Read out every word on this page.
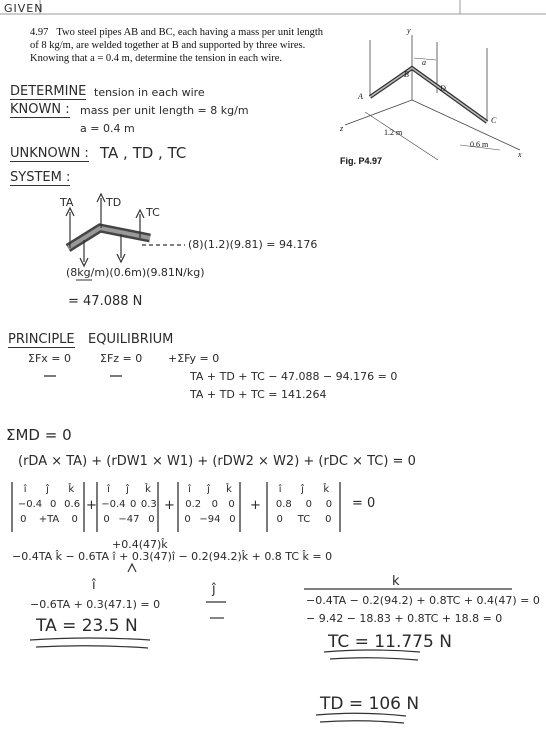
GIVEN
4.97 Two steel pipes AB and BC, each having a mass per unit length of 8 kg/m, are welded together at B and supported by three wires. Knowing that a = 0.4 m, determine the tension in each wire.
y
x
z
A
B
C
D
a
1.2 m
0.6 m
Fig. P4.97
DETERMINE tension in each wire
KNOWN : mass per unit length = 8 kg/m
a = 0.4 m
UNKNOWN : TA , TD , TC
SYSTEM :
TA	TD
TC
(8)(1.2)(9.81) = 94.176
(8kg/m)(0.6m)(9.81N/kg)
= 47.088 N
PRINCIPLE EQUILIBRIUM
ΣFx = 0	ΣFz = 0 +ΣFy = 0
TA + TD + TC − 47.088 − 94.176 = 0
TA + TD + TC = 141.264
ΣMD = 0
(rDA × TA) + (rDW1 × W1) + (rDW2 × W2) + (rDC × TC) = 0
î ĵ k̂
−0.4 0 0.6
0 +TA 0
+
î ĵ k̂
−0.4 0 0.3
0 −47 0
+
î ĵ k̂
0.2 0 0
0 −94 0
+
î ĵ k̂
0.8 0 0
0 TC 0
= 0
+0.4(47)k̂
−0.4TA k̂ − 0.6TA î + 0.3(47)î − 0.2(94.2)k̂ + 0.8 TC k̂ = 0
î
−0.6TA + 0.3(47.1) = 0
TA = 23.5 N
ĵ
k
−0.4TA − 0.2(94.2) + 0.8TC + 0.4(47) = 0
− 9.42 − 18.83 + 0.8TC + 18.8 = 0
TC = 11.775 N
TD = 106 N
